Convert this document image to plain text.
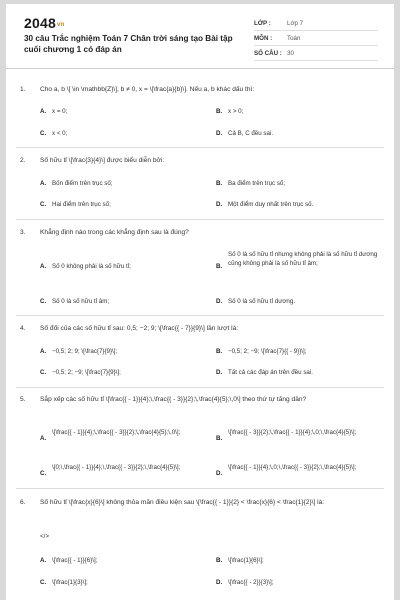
2048vn
30 câu Trắc nghiệm Toán 7 Chân trời sáng tạo Bài tập cuối chương 1 có đáp án
LỚP :	Lớp 7
MÔN :	Toán
SỐ CÂU : 30
1.	Cho a, b \[ \in \mathbb{Z}\], b ≠ 0, x = \[\frac{a}{b}\]. Nếu a, b khác dấu thì:
A. x = 0;	B. x > 0;
C. x < 0;	D. Cả B, C đều sai.
2.	Số hữu tỉ \[\frac{3}{4}\] được biểu diễn bởi:
A. Bốn điểm trên trục số;	B. Ba điểm trên trục số;
C. Hai điểm trên trục số;	D. Một điểm duy nhất trên trục số.
3.	Khẳng định nào trong các khẳng định sau là đúng?
A. Số 0 không phải là số hữu tỉ;	B.
Số 0 là số hữu tỉ nhưng không phải là số hữu tỉ dương cũng không phải là số hữu tỉ âm;
C. Số 0 là số hữu tỉ âm;	D. Số 0 là số hữu tỉ dương.
4.	Số đối của các số hữu tỉ sau: 0,5; −2; 9; \[\frac{{ - 7}}{9}\] lần lượt là:
A. −0,5; 2; 9; \[\frac{7}{9}\];	B. −0,5; 2; −9; \[\frac{7}{{ - 9}}\];
C. −0,5; 2; −9; \[\frac{7}{9}\];	D. Tất cả các đáp án trên đều sai.
5.	Sắp xếp các số hữu tỉ \[\frac{{ - 1}}{4};\,\frac{{ - 3}}{2};\,\frac{4}{5};\,0\] theo thứ tự tăng dần?
A.
\[\frac{{ - 1}}{4};\,\frac{{ - 3}}{2};\,\frac{4}{5};\,0\];
B.
\[\frac{{ - 3}}{2};\,\frac{{ - 1}}{4};\,0;\,\frac{4}{5}\];
C.
\[0;\,\frac{{ - 1}}{4};\,\frac{{ - 3}}{2};\,\frac{4}{5}\];
D.
\[\frac{{ - 1}}{4};\,0;\,\frac{{ - 3}}{2};\,\frac{4}{5}\];
6.	Số hữu tỉ \[\frac{x}{6}\] không thỏa mãn điều kiện sau \[\frac{{ - 1}}{2} < \frac{x}{6} < \frac{1}{2}\] là:
</>
A. \[\frac{{ - 1}}{6}\];	B. \[\frac{1}{6}\];
C. \[\frac{1}{3}\];	D. \[\frac{{ - 2}}{3}\];
